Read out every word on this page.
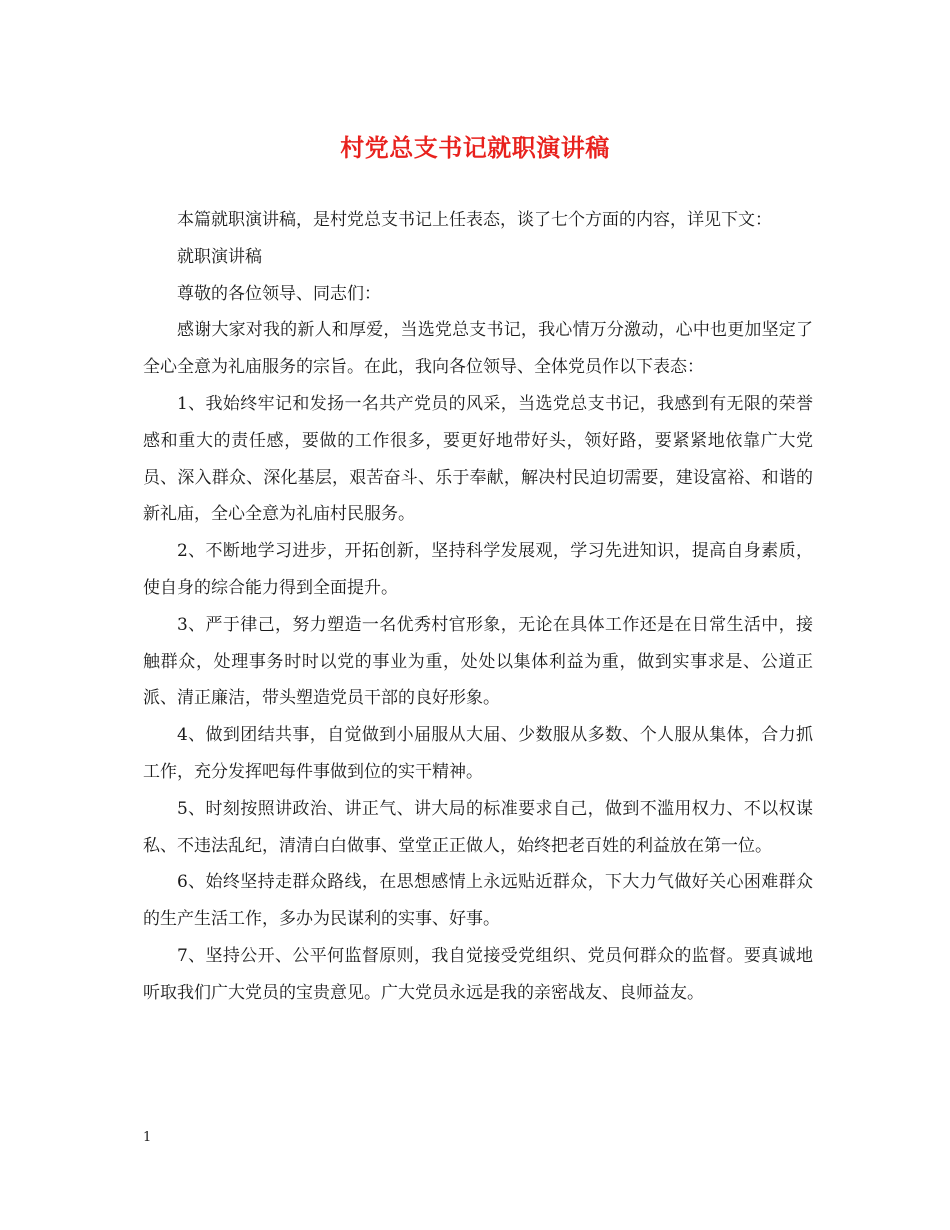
村党总支书记就职演讲稿

本篇就职演讲稿，是村党总支书记上任表态，谈了七个方面的内容，详见下文：

就职演讲稿

尊敬的各位领导、同志们：

感谢大家对我的新人和厚爱，当选党总支书记，我心情万分激动，心中也更加坚定了全心全意为礼庙服务的宗旨。在此，我向各位领导、全体党员作以下表态：

1、我始终牢记和发扬一名共产党员的风采，当选党总支书记，我感到有无限的荣誉感和重大的责任感，要做的工作很多，要更好地带好头，领好路，要紧紧地依靠广大党员、深入群众、深化基层，艰苦奋斗、乐于奉献，解决村民迫切需要，建设富裕、和谐的新礼庙，全心全意为礼庙村民服务。

2、不断地学习进步，开拓创新，坚持科学发展观，学习先进知识，提高自身素质，使自身的综合能力得到全面提升。

3、严于律己，努力塑造一名优秀村官形象，无论在具体工作还是在日常生活中，接触群众，处理事务时时以党的事业为重，处处以集体利益为重，做到实事求是、公道正派、清正廉洁，带头塑造党员干部的良好形象。

4、做到团结共事，自觉做到小届服从大届、少数服从多数、个人服从集体，合力抓工作，充分发挥吧每件事做到位的实干精神。

5、时刻按照讲政治、讲正气、讲大局的标准要求自己，做到不滥用权力、不以权谋私、不违法乱纪，清清白白做事、堂堂正正做人，始终把老百姓的利益放在第一位。

6、始终坚持走群众路线，在思想感情上永远贴近群众，下大力气做好关心困难群众的生产生活工作，多办为民谋利的实事、好事。

7、坚持公开、公平何监督原则，我自觉接受党组织、党员何群众的监督。要真诚地听取我们广大党员的宝贵意见。广大党员永远是我的亲密战友、良师益友。

1
